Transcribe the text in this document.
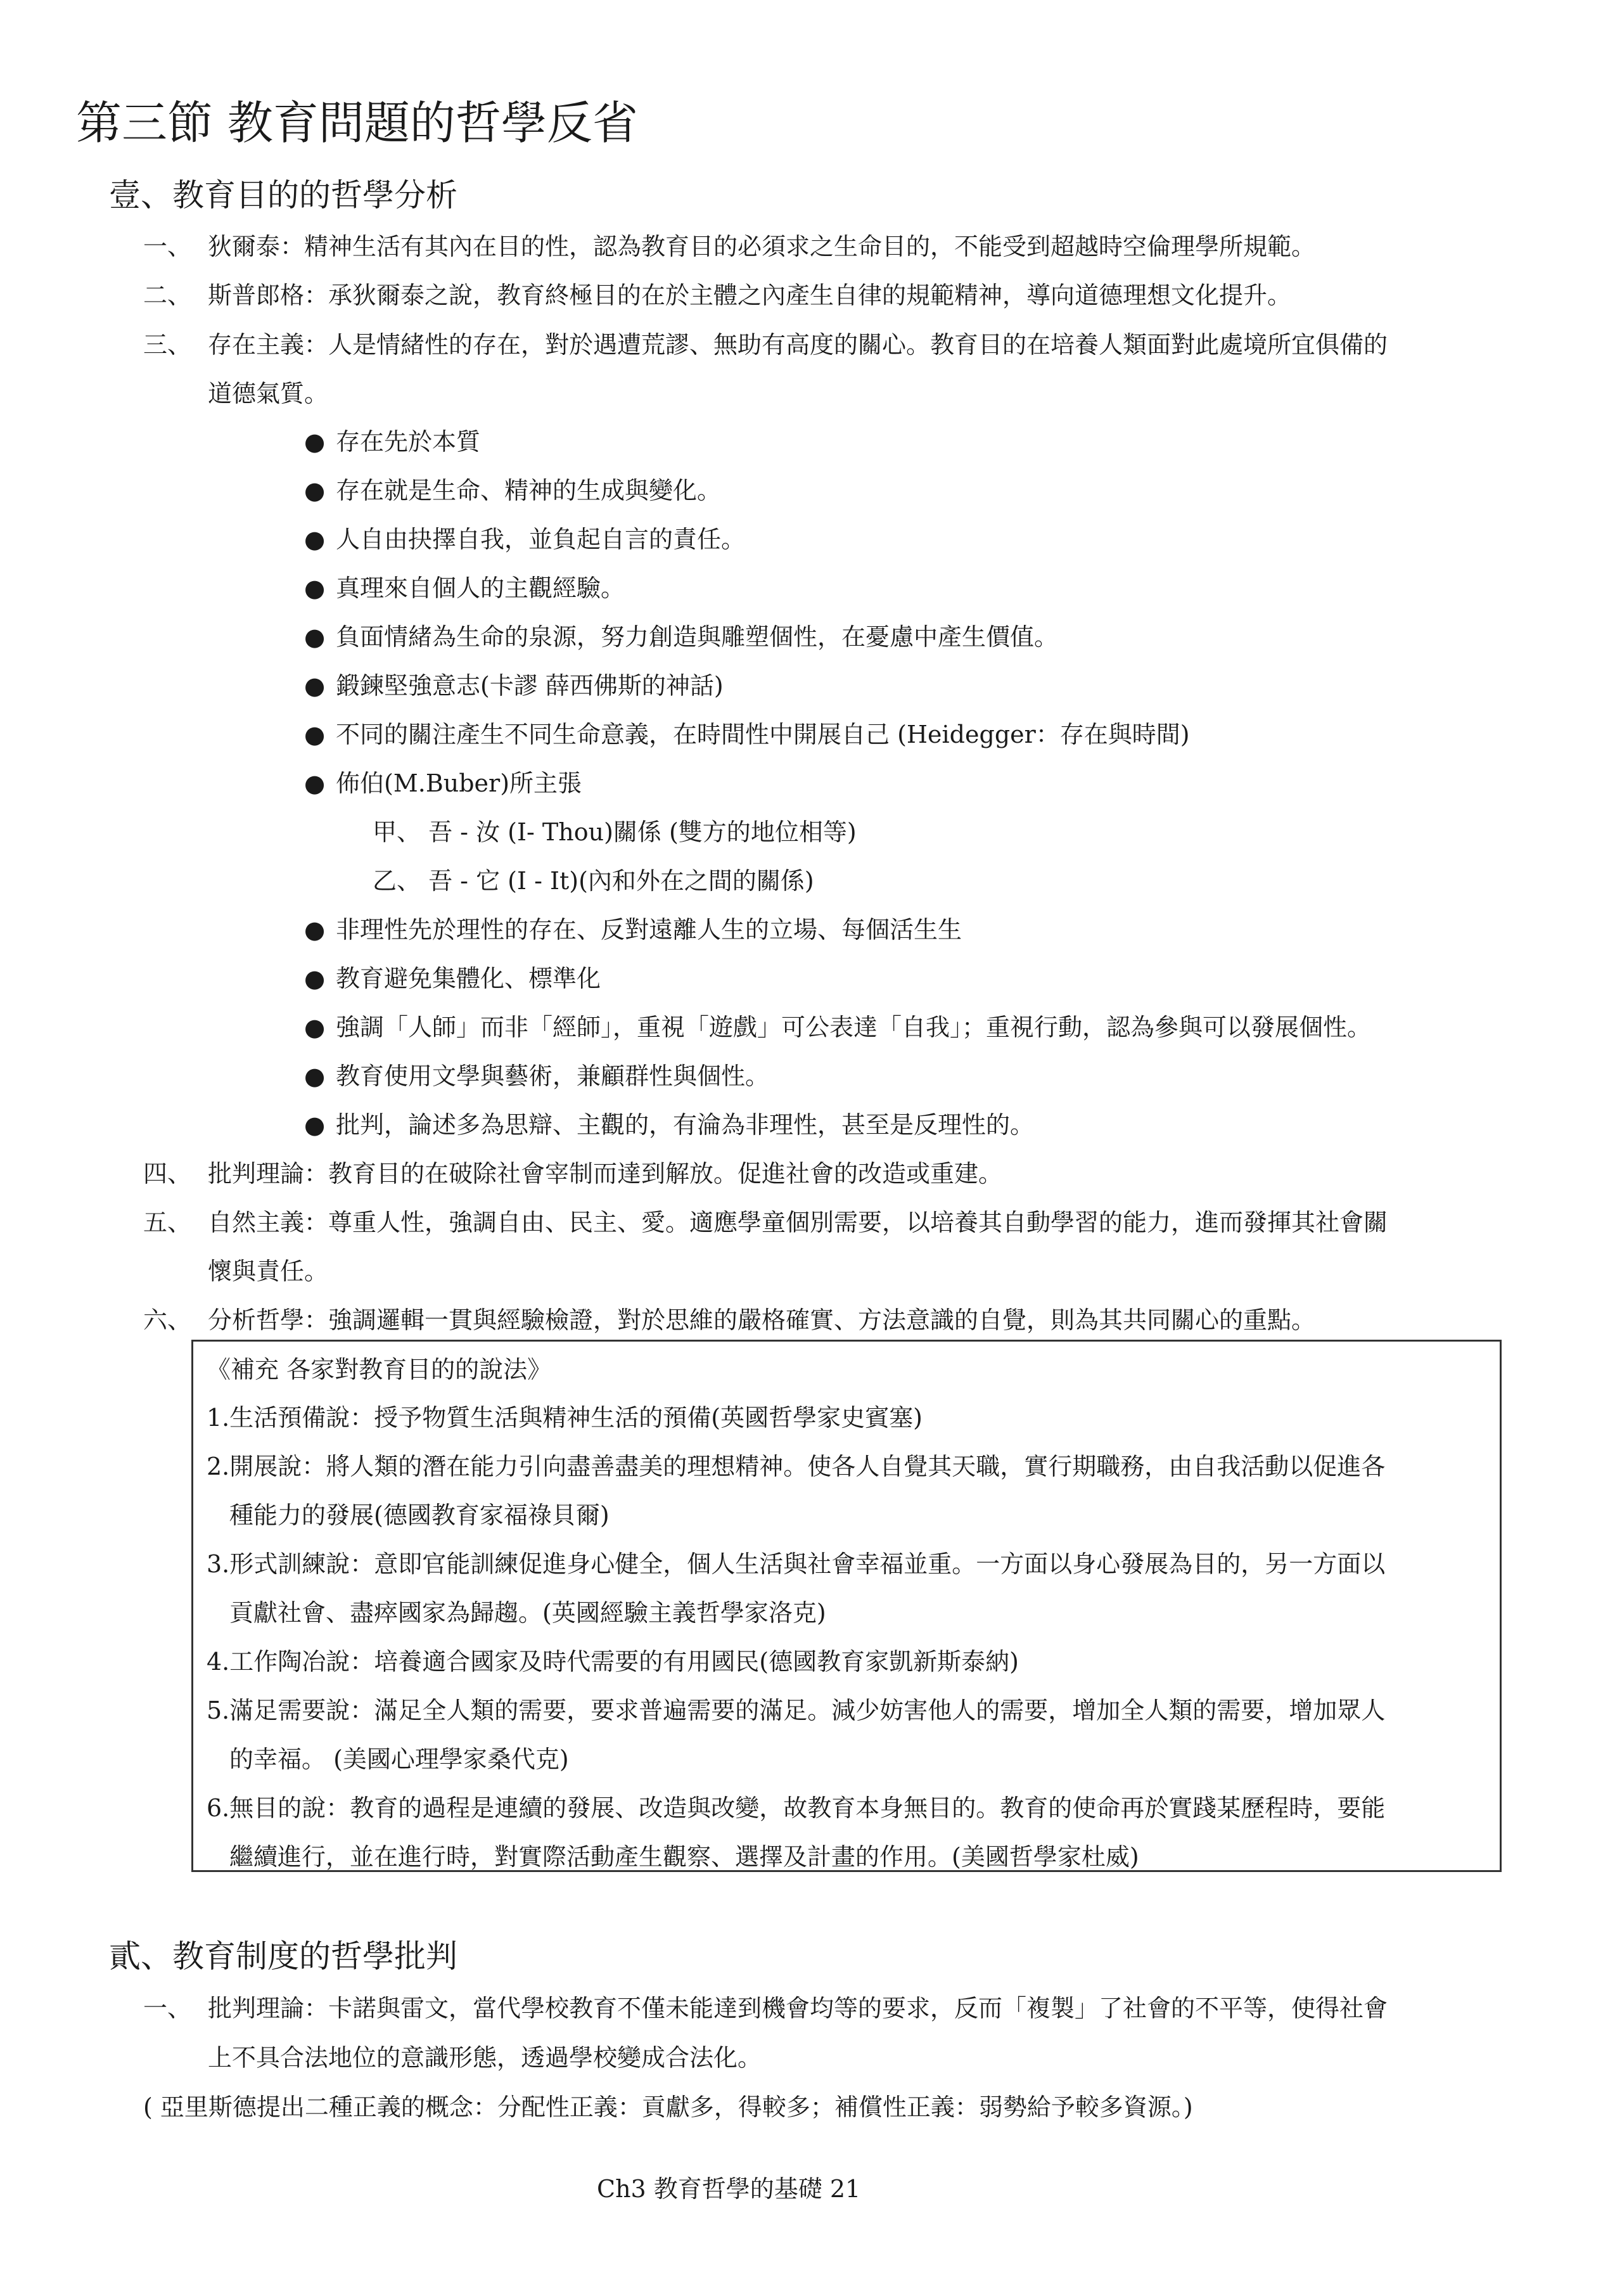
第三節 教育問題的哲學反省
壹、教育目的的哲學分析
一、 狄爾泰：精神生活有其內在目的性，認為教育目的必須求之生命目的，不能受到超越時空倫理學所規範。
二、 斯普郎格：承狄爾泰之說，教育終極目的在於主體之內產生自律的規範精神，導向道德理想文化提升。
三、 存在主義：人是情緒性的存在，對於遇遭荒謬、無助有高度的關心。教育目的在培養人類面對此處境所宜俱備的
道德氣質。
● 存在先於本質
● 存在就是生命、精神的生成與變化。
● 人自由抉擇自我，並負起自言的責任。
● 真理來自個人的主觀經驗。
● 負面情緒為生命的泉源，努力創造與雕塑個性，在憂慮中產生價值。
● 鍛鍊堅強意志(卡謬 薛西佛斯的神話)
● 不同的關注產生不同生命意義，在時間性中開展自己 (Heidegger：存在與時間)
● 佈伯(M.Buber)所主張
甲、 吾 - 汝 (I- Thou)關係 (雙方的地位相等)
乙、 吾 - 它 (I - It)(內和外在之間的關係)
● 非理性先於理性的存在、反對遠離人生的立場、每個活生生
● 教育避免集體化、標準化
● 強調「人師」而非「經師」，重視「遊戲」可公表達「自我」；重視行動，認為參與可以發展個性。
● 教育使用文學與藝術，兼顧群性與個性。
● 批判，論述多為思辯、主觀的，有淪為非理性，甚至是反理性的。
四、 批判理論：教育目的在破除社會宰制而達到解放。促進社會的改造或重建。
五、 自然主義：尊重人性，強調自由、民主、愛。適應學童個別需要，以培養其自動學習的能力，進而發揮其社會關
懷與責任。
六、 分析哲學：強調邏輯一貫與經驗檢證，對於思維的嚴格確實、方法意識的自覺，則為其共同關心的重點。
《補充 各家對教育目的的說法》
1.生活預備說：授予物質生活與精神生活的預備(英國哲學家史賓塞)
2.開展說：將人類的潛在能力引向盡善盡美的理想精神。使各人自覺其天職，實行期職務，由自我活動以促進各
種能力的發展(德國教育家福祿貝爾)
3.形式訓練說：意即官能訓練促進身心健全，個人生活與社會幸福並重。一方面以身心發展為目的，另一方面以
貢獻社會、盡瘁國家為歸趨。(英國經驗主義哲學家洛克)
4.工作陶冶說：培養適合國家及時代需要的有用國民(德國教育家凱新斯泰納)
5.滿足需要說：滿足全人類的需要，要求普遍需要的滿足。減少妨害他人的需要，增加全人類的需要，增加眾人
的幸福。 (美國心理學家桑代克)
6.無目的說：教育的過程是連續的發展、改造與改變，故教育本身無目的。教育的使命再於實踐某歷程時，要能
繼續進行，並在進行時，對實際活動產生觀察、選擇及計畫的作用。(美國哲學家杜威)
貳、教育制度的哲學批判
一、 批判理論：卡諾與雷文，當代學校教育不僅未能達到機會均等的要求，反而「複製」了社會的不平等，使得社會
上不具合法地位的意識形態，透過學校變成合法化。
( 亞里斯德提出二種正義的概念：分配性正義：貢獻多，得較多；補償性正義：弱勢給予較多資源。)
Ch3 教育哲學的基礎 21
